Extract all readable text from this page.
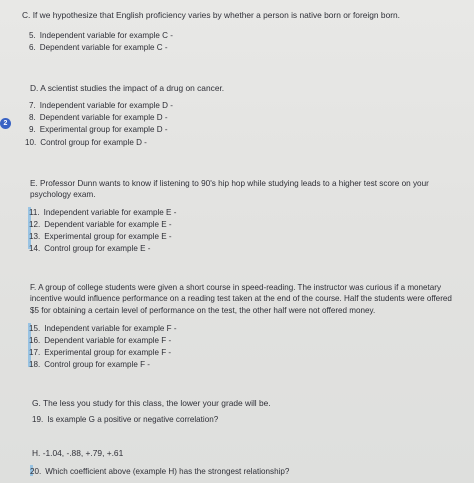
C. If we hypothesize that English proficiency varies by whether a person is native born or foreign born.
5. Independent variable for example C -
6. Dependent variable for example C -
D. A scientist studies the impact of a drug on cancer.
7. Independent variable for example D -
2
8. Dependent variable for example D -
9. Experimental group for example D -
10. Control group for example D -
E. Professor Dunn wants to know if listening to 90's hip hop while studying leads to a higher test score on your
psychology exam.
11. Independent variable for example E -
12. Dependent variable for example E -
13. Experimental group for example E -
14. Control group for example E -
F. A group of college students were given a short course in speed-reading. The instructor was curious if a monetary
incentive would influence performance on a reading test taken at the end of the course. Half the students were offered
$5 for obtaining a certain level of performance on the test, the other half were not offered money.
15. Independent variable for example F -
16. Dependent variable for example F -
17. Experimental group for example F -
18. Control group for example F -
G. The less you study for this class, the lower your grade will be.
19. Is example G a positive or negative correlation?
H. -1.04, -.88, +.79, +.61
20. Which coefficient above (example H) has the strongest relationship?
